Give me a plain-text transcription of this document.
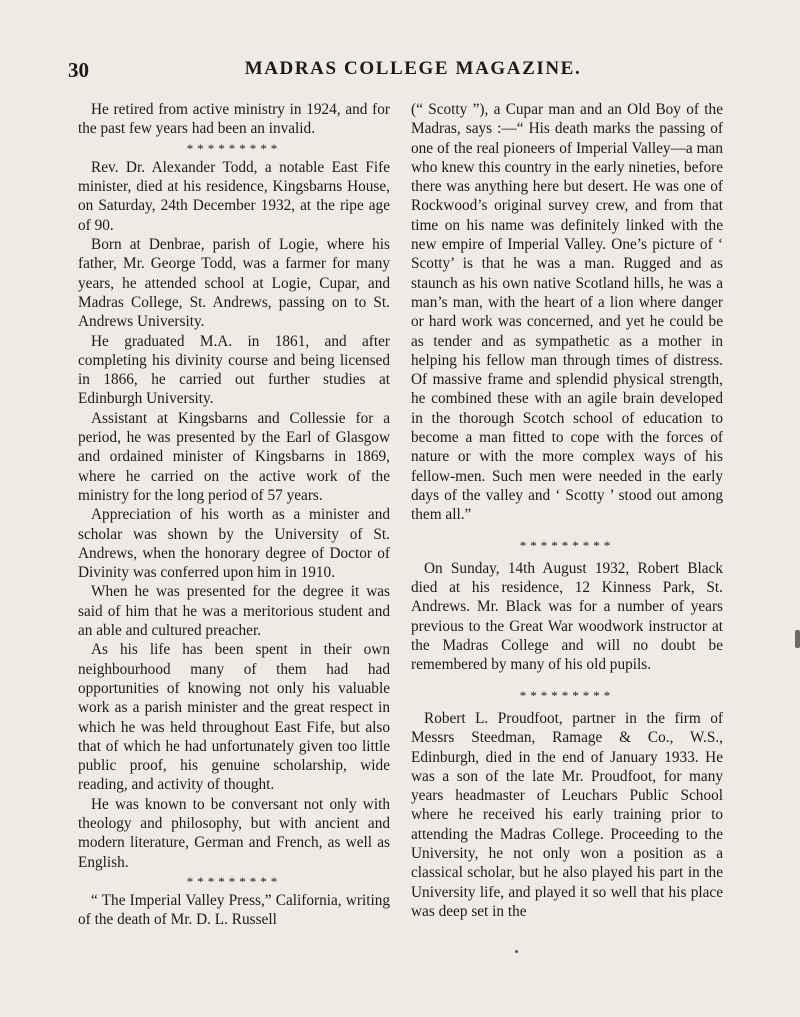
30	MADRAS COLLEGE MAGAZINE.

He retired from active ministry in 1924, and for the past few years had been an invalid.

*********

Rev. Dr. Alexander Todd, a notable East Fife minister, died at his residence, Kingsbarns House, on Saturday, 24th December 1932, at the ripe age of 90.

Born at Denbrae, parish of Logie, where his father, Mr. George Todd, was a farmer for many years, he attended school at Logie, Cupar, and Madras College, St. Andrews, passing on to St. Andrews University.

He graduated M.A. in 1861, and after completing his divinity course and being licensed in 1866, he carried out further studies at Edinburgh University.

Assistant at Kingsbarns and Collessie for a period, he was presented by the Earl of Glasgow and ordained minister of Kingsbarns in 1869, where he carried on the active work of the ministry for the long period of 57 years.

Appreciation of his worth as a minister and scholar was shown by the University of St. Andrews, when the honorary degree of Doctor of Divinity was conferred upon him in 1910.

When he was presented for the degree it was said of him that he was a meritorious student and an able and cultured preacher.

As his life has been spent in their own neighbourhood many of them had had opportunities of knowing not only his valuable work as a parish minister and the great respect in which he was held throughout East Fife, but also that of which he had unfortunately given too little public proof, his genuine scholarship, wide reading, and activity of thought.

He was known to be conversant not only with theology and philosophy, but with ancient and modern literature, German and French, as well as English.

*********

“ The Imperial Valley Press,” California, writing of the death of Mr. D. L. Russell

(“ Scotty ”), a Cupar man and an Old Boy of the Madras, says :—“ His death marks the passing of one of the real pioneers of Imperial Valley—a man who knew this country in the early nineties, before there was anything here but desert. He was one of Rockwood’s original survey crew, and from that time on his name was definitely linked with the new empire of Imperial Valley. One’s picture of ‘ Scotty’ is that he was a man. Rugged and as staunch as his own native Scotland hills, he was a man’s man, with the heart of a lion where danger or hard work was concerned, and yet he could be as tender and as sympathetic as a mother in helping his fellow man through times of distress. Of massive frame and splendid physical strength, he combined these with an agile brain developed in the thorough Scotch school of education to become a man fitted to cope with the forces of nature or with the more complex ways of his fellow-men. Such men were needed in the early days of the valley and ‘ Scotty ’ stood out among them all.”

*********

On Sunday, 14th August 1932, Robert Black died at his residence, 12 Kinness Park, St. Andrews. Mr. Black was for a number of years previous to the Great War woodwork instructor at the Madras College and will no doubt be remembered by many of his old pupils.

*********

Robert L. Proudfoot, partner in the firm of Messrs Steedman, Ramage & Co., W.S., Edinburgh, died in the end of January 1933. He was a son of the late Mr. Proudfoot, for many years headmaster of Leuchars Public School where he received his early training prior to attending the Madras College. Proceeding to the University, he not only won a position as a classical scholar, but he also played his part in the University life, and played it so well that his place was deep set in the
